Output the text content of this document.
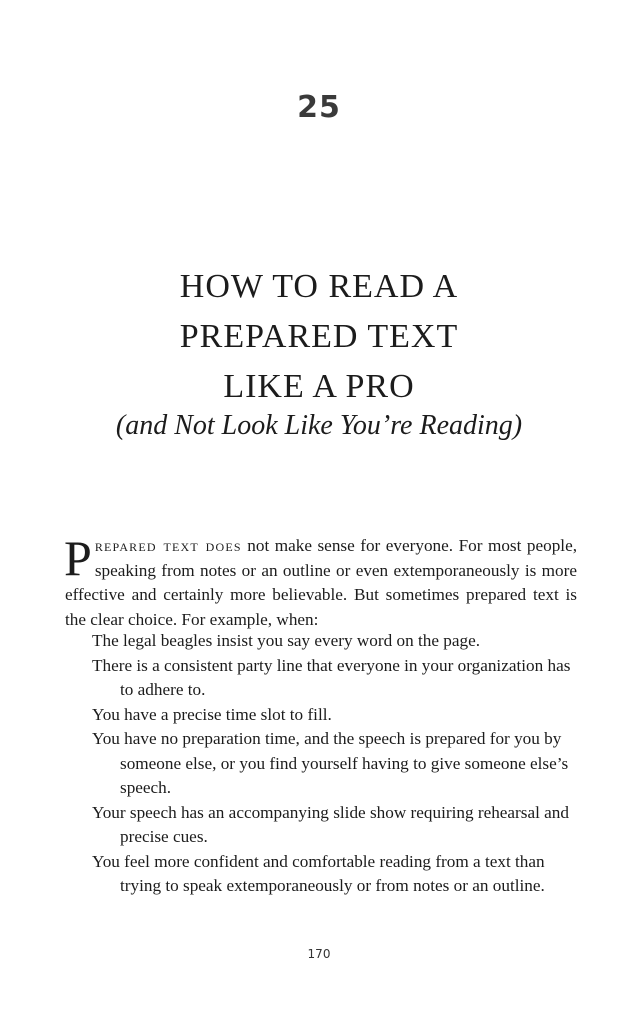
25
HOW TO READ A
PREPARED TEXT
LIKE A PRO
(and Not Look Like You’re Reading)

Prepared text does not make sense for everyone. For most people, speaking from notes or an outline or even extemporaneously is more effective and certainly more believable. But sometimes prepared text is the clear choice. For example, when:

The legal beagles insist you say every word on the page.
There is a consistent party line that everyone in your organization has to adhere to.
You have a precise time slot to fill.
You have no preparation time, and the speech is prepared for you by someone else, or you find yourself having to give someone else’s speech.
Your speech has an accompanying slide show requiring rehearsal and precise cues.
You feel more confident and comfortable reading from a text than trying to speak extemporaneously or from notes or an outline.
170
